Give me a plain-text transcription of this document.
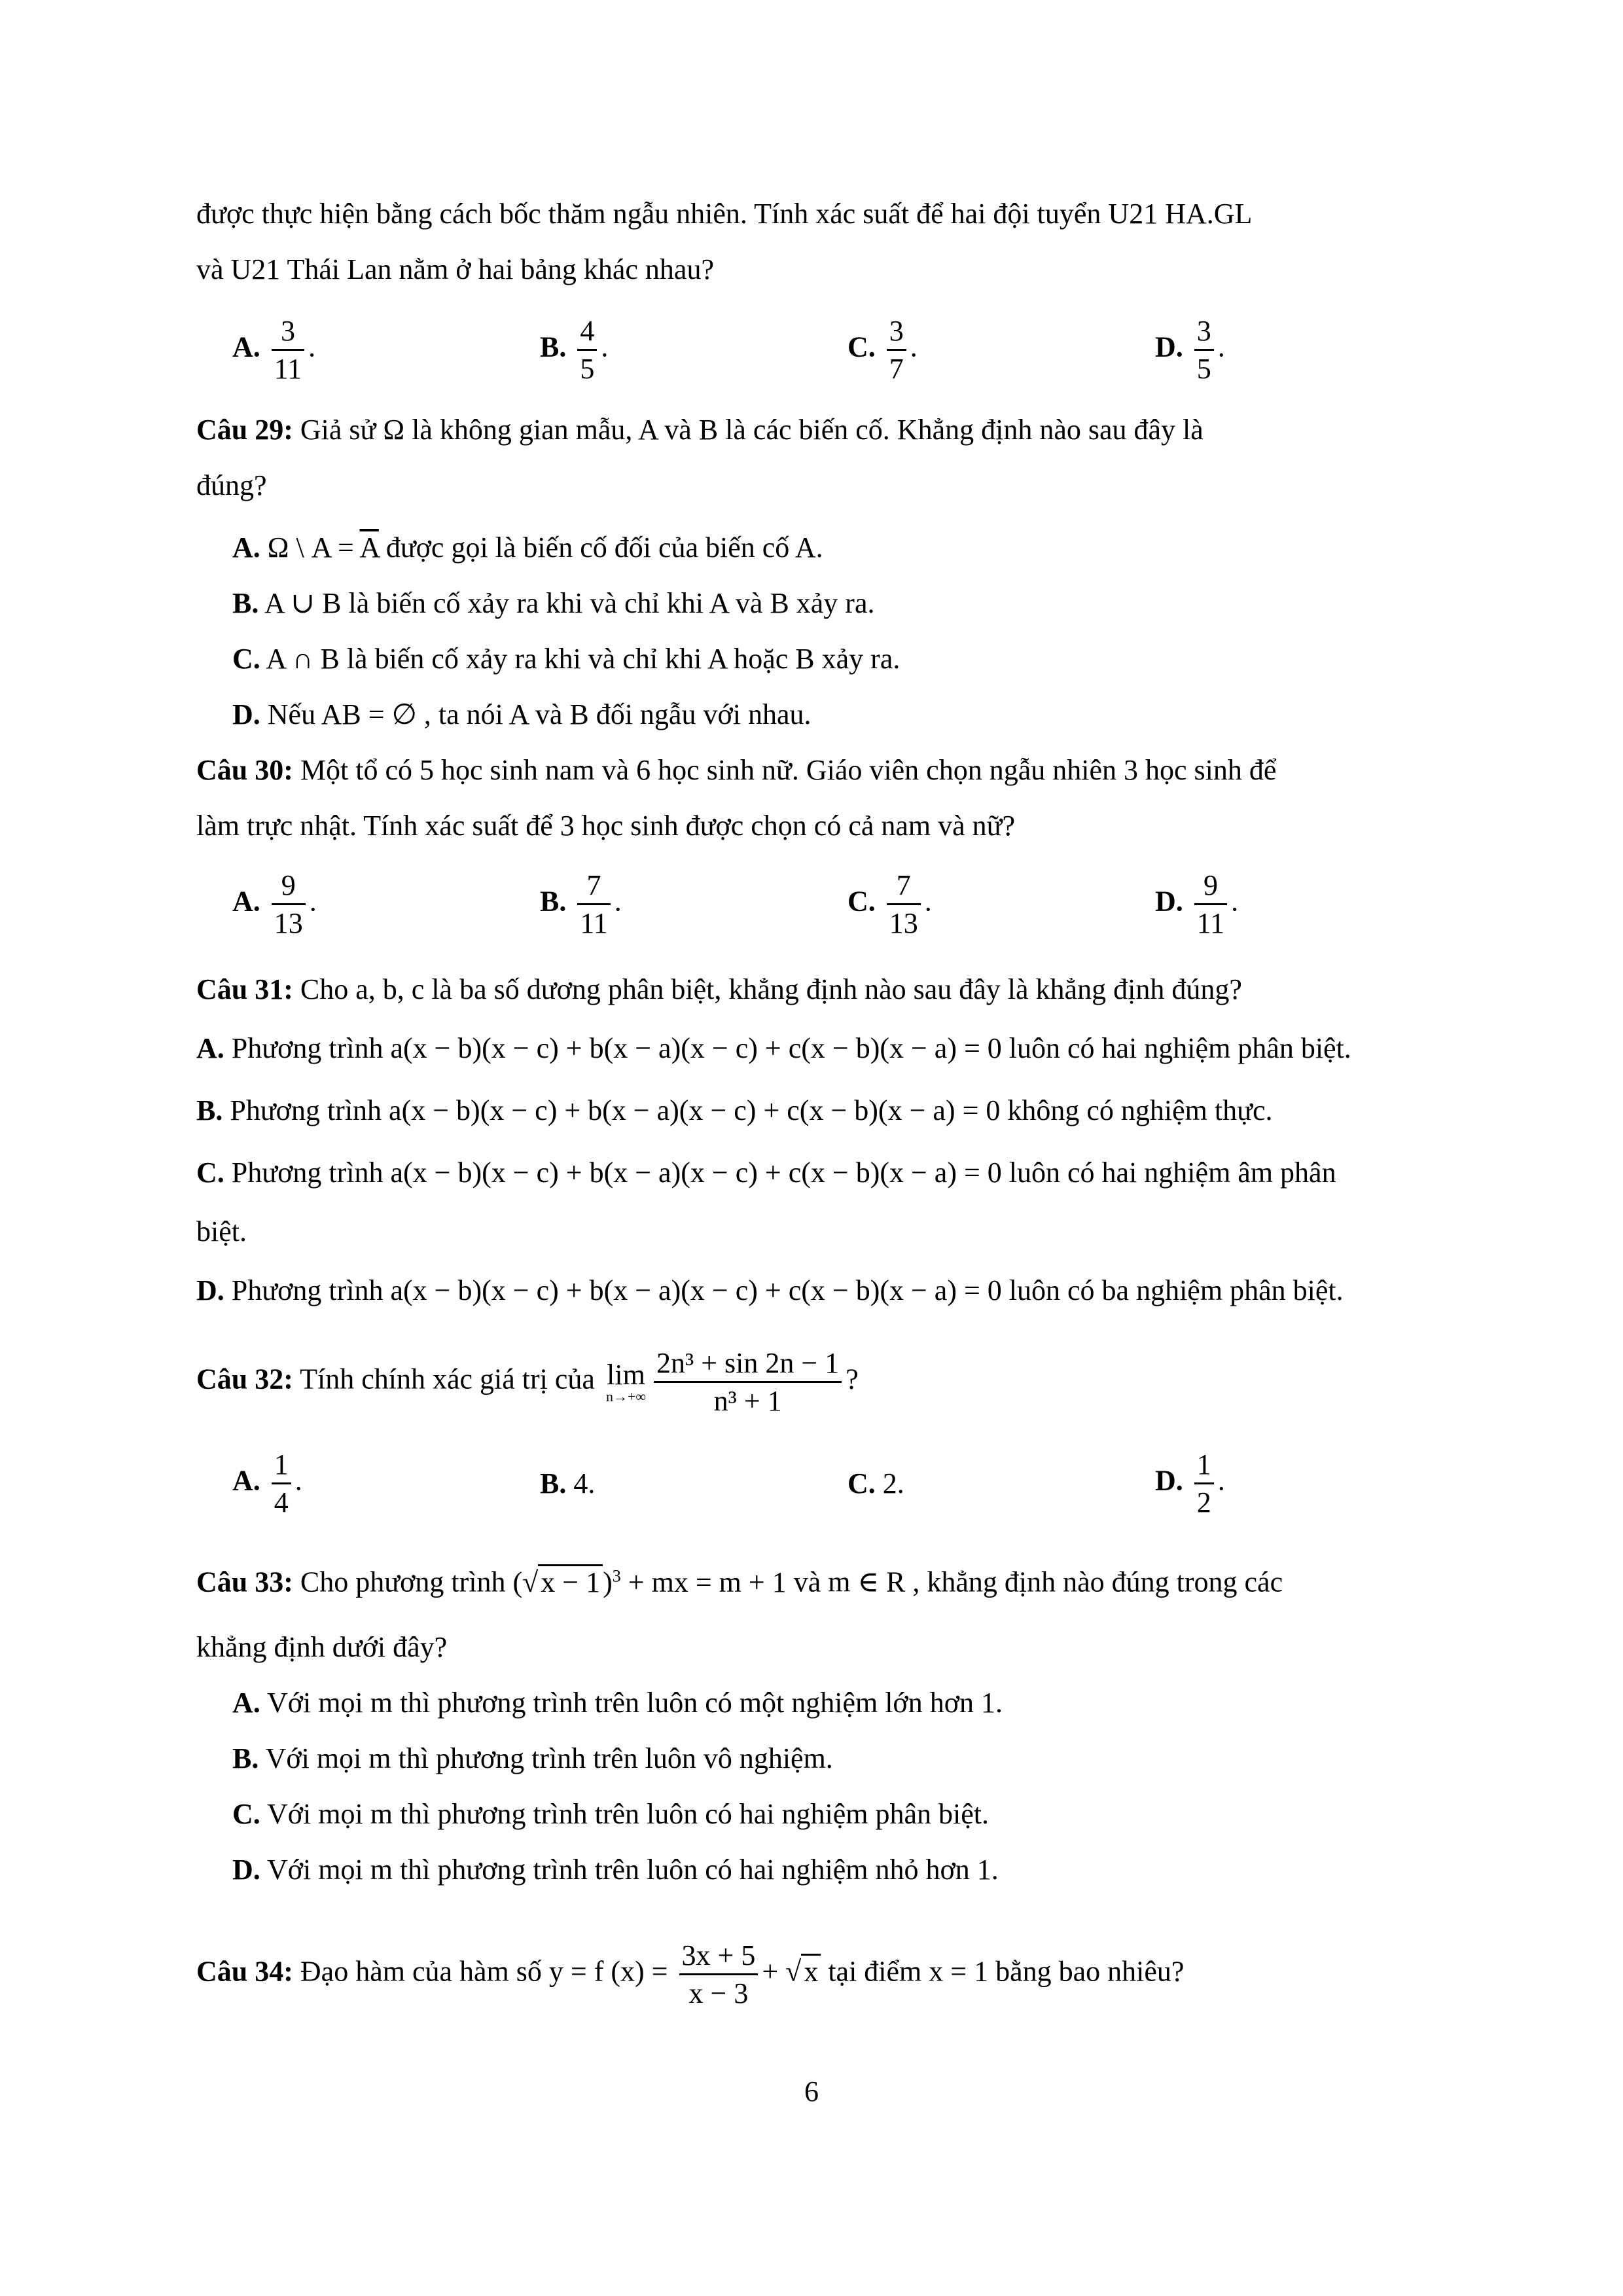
được thực hiện bằng cách bốc thăm ngẫu nhiên. Tính xác suất để hai đội tuyển U21 HA.GL
và U21 Thái Lan nằm ở hai bảng khác nhau?
A. $\frac{3}{11}$ .	B. $\frac{4}{5}$ .	C. $\frac{3}{7}$ .	D. $\frac{3}{5}$ .
Câu 29: Giả sử Ω là không gian mẫu, A và B là các biến cố. Khẳng định nào sau đây là
đúng?
A. Ω \ $A = \overline{A}$ được gọi là biến cố đối của biến cố A.
B. A ∪ B là biến cố xảy ra khi và chỉ khi A và B xảy ra.
C. A ∩ B là biến cố xảy ra khi và chỉ khi A hoặc B xảy ra.
D. Nếu AB = ∅ , ta nói A và B đối ngẫu với nhau.
Câu 30: Một tổ có 5 học sinh nam và 6 học sinh nữ. Giáo viên chọn ngẫu nhiên 3 học sinh để
làm trực nhật. Tính xác suất để 3 học sinh được chọn có cả nam và nữ?
A. $\frac{9}{13}$ .	B. $\frac{7}{11}$ .	C. $\frac{7}{13}$ .	D. $\frac{9}{11}$ .
Câu 31: Cho a, b, c là ba số dương phân biệt, khẳng định nào sau đây là khẳng định đúng?
A. Phương trình a(x − b)(x − c) + b(x − a)(x − c) + c(x − b)(x − a) = 0 luôn có hai nghiệm phân biệt.
B. Phương trình a(x − b)(x − c) + b(x − a)(x − c) + c(x − b)(x − a) = 0 không có nghiệm thực.
C. Phương trình a(x − b)(x − c) + b(x − a)(x − c) + c(x − b)(x − a) = 0 luôn có hai nghiệm âm phân
biệt.
D. Phương trình a(x − b)(x − c) + b(x − a)(x − c) + c(x − b)(x − a) = 0 luôn có ba nghiệm phân biệt.
Câu 32: Tính chính xác giá trị của lim
$n\to+\infty \frac{\text{2n³ + sin 2n − 1}}{\text{n³ + 1}}$ ?
A. $\frac{1}{4}$ .	B. 4.	C. 2.	D. $\frac{1}{2}$ .
Câu 33: Cho phương trình $(√x - 1)^3$ + mx = m + 1 và m ∈ R , khẳng định nào đúng trong các
khẳng định dưới đây?
A. Với mọi m thì phương trình trên luôn có một nghiệm lớn hơn 1.
B. Với mọi m thì phương trình trên luôn vô nghiệm.
C. Với mọi m thì phương trình trên luôn có hai nghiệm phân biệt.
D. Với mọi m thì phương trình trên luôn có hai nghiệm nhỏ hơn 1.
Câu 34: Đạo hàm của hàm số y = f $(x) = \frac{3x + 5}{x - 3} + √x$ tại điểm x = 1 bằng bao nhiêu?
6
